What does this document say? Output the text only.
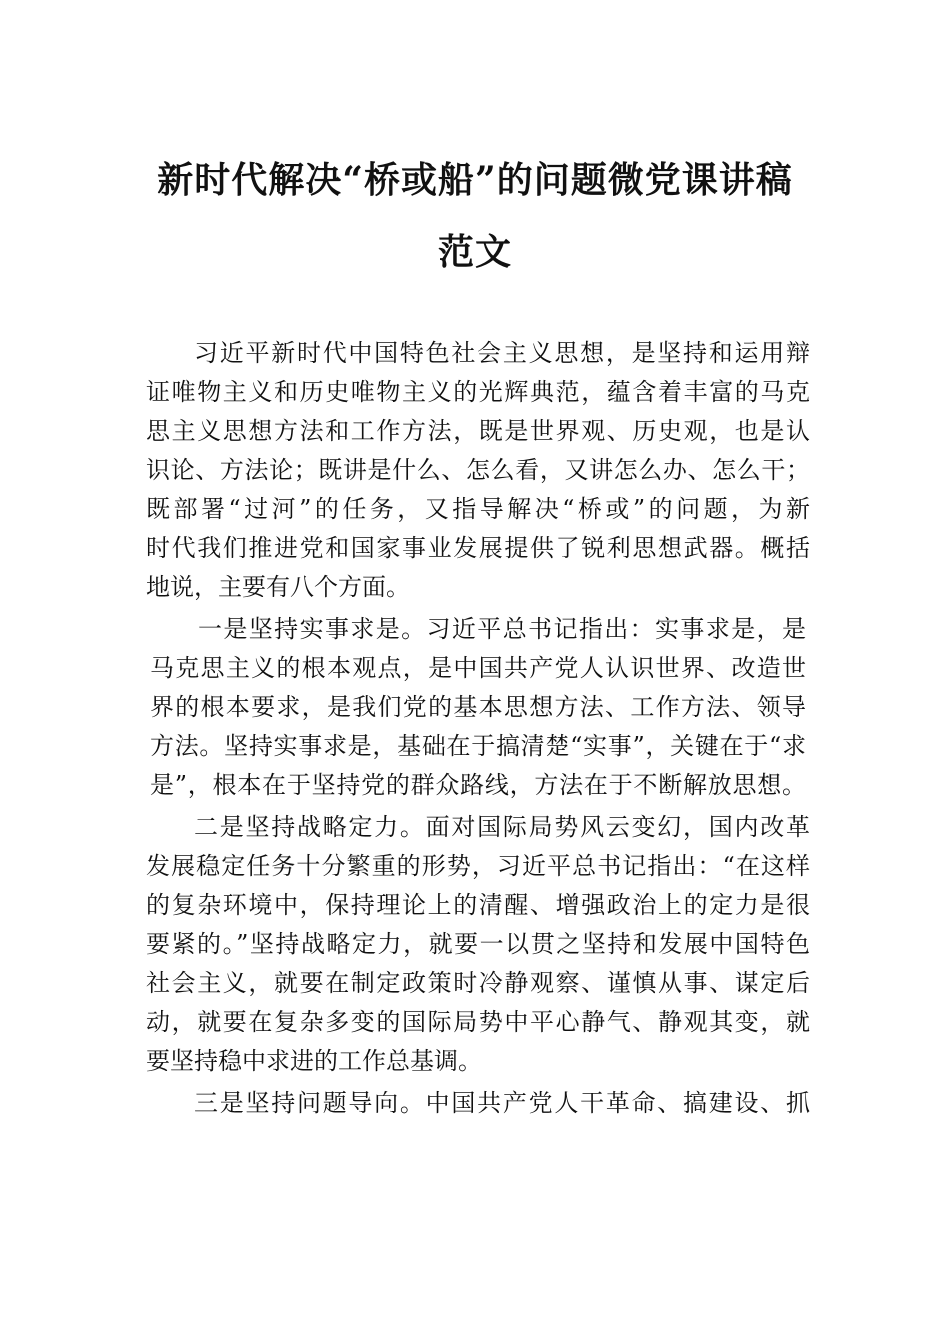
新时代解决“桥或船”的问题微党课讲稿
范文
习近平新时代中国特色社会主义思想，是坚持和运用辩
证唯物主义和历史唯物主义的光辉典范，蕴含着丰富的马克
思主义思想方法和工作方法，既是世界观、历史观，也是认
识论、方法论；既讲是什么、怎么看，又讲怎么办、怎么干；
既部署“过河”的任务，又指导解决“桥或”的问题，为新
时代我们推进党和国家事业发展提供了锐利思想武器。概括
地说，主要有八个方面。
一是坚持实事求是。习近平总书记指出：实事求是，是
马克思主义的根本观点，是中国共产党人认识世界、改造世
界的根本要求，是我们党的基本思想方法、工作方法、领导
方法。坚持实事求是，基础在于搞清楚“实事”，关键在于“求
是”，根本在于坚持党的群众路线，方法在于不断解放思想。
二是坚持战略定力。面对国际局势风云变幻，国内改革
发展稳定任务十分繁重的形势，习近平总书记指出：“在这样
的复杂环境中，保持理论上的清醒、增强政治上的定力是很
要紧的。”坚持战略定力，就要一以贯之坚持和发展中国特色
社会主义，就要在制定政策时冷静观察、谨慎从事、谋定后
动，就要在复杂多变的国际局势中平心静气、静观其变，就
要坚持稳中求进的工作总基调。
三是坚持问题导向。中国共产党人干革命、搞建设、抓
